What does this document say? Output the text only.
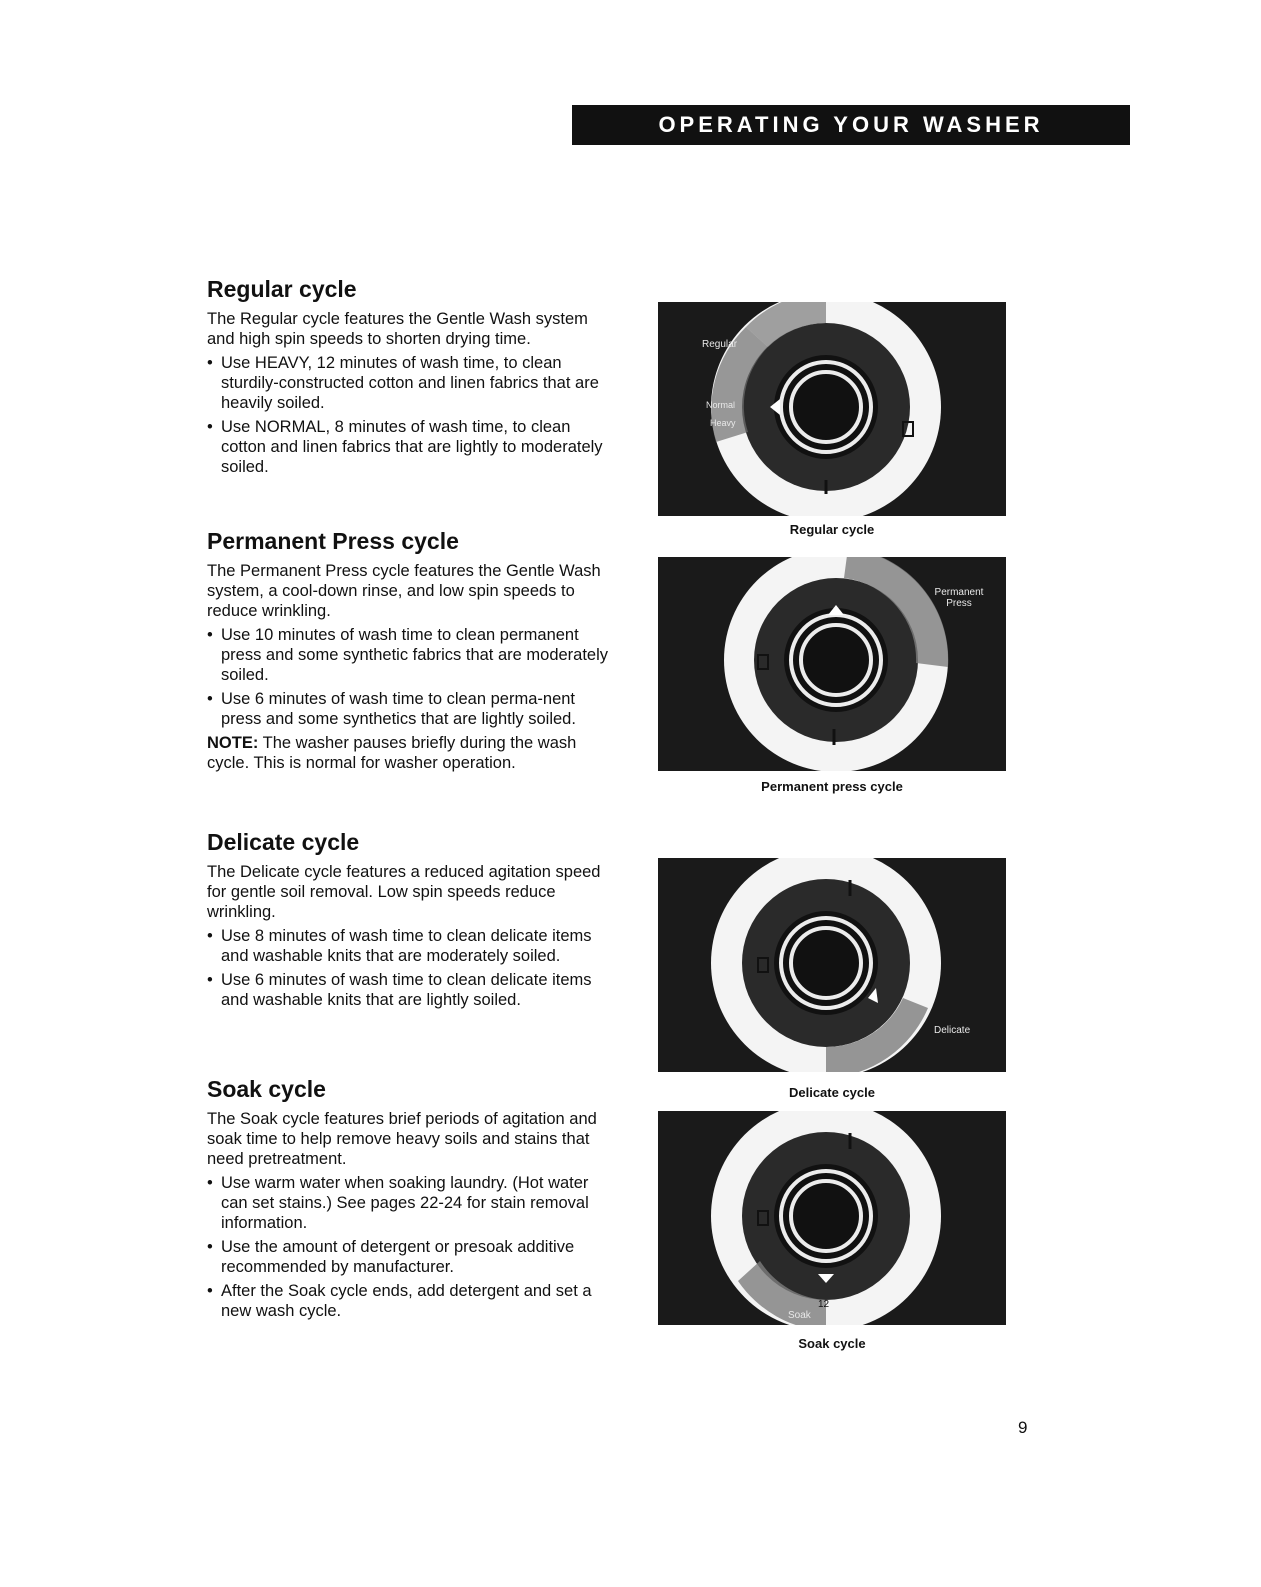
OPERATING YOUR WASHER
Regular cycle

The Regular cycle features the Gentle Wash system and high spin speeds to shorten drying time.

• Use HEAVY, 12 minutes of wash time, to clean sturdily-constructed cotton and linen fabrics that are heavily soiled.
• Use NORMAL, 8 minutes of wash time, to clean cotton and linen fabrics that are lightly to moderately soiled.
Permanent Press cycle

The Permanent Press cycle features the Gentle Wash system, a cool-down rinse, and low spin speeds to reduce wrinkling.

• Use 10 minutes of wash time to clean permanent press and some synthetic fabrics that are moderately soiled.
• Use 6 minutes of wash time to clean perma-nent press and some synthetics that are lightly soiled.

NOTE: The washer pauses briefly during the wash cycle. This is normal for washer operation.

Delicate cycle

The Delicate cycle features a reduced agitation speed for gentle soil removal. Low spin speeds reduce wrinkling.

• Use 8 minutes of wash time to clean delicate items and washable knits that are moderately soiled.
• Use 6 minutes of wash time to clean delicate items and washable knits that are lightly soiled.
Soak cycle

The Soak cycle features brief periods of agitation and soak time to help remove heavy soils and stains that need pretreatment.

• Use warm water when soaking laundry. (Hot water can set stains.) See pages 22-24 for stain removal information.
• Use the amount of detergent or presoak additive recommended by manufacturer.
• After the Soak cycle ends, add detergent and set a new wash cycle.
Regular
Normal
Heavy
Regular cycle
Permanent Press
Permanent press cycle
Delicate
Delicate cycle
Soak
12
Soak cycle
9
